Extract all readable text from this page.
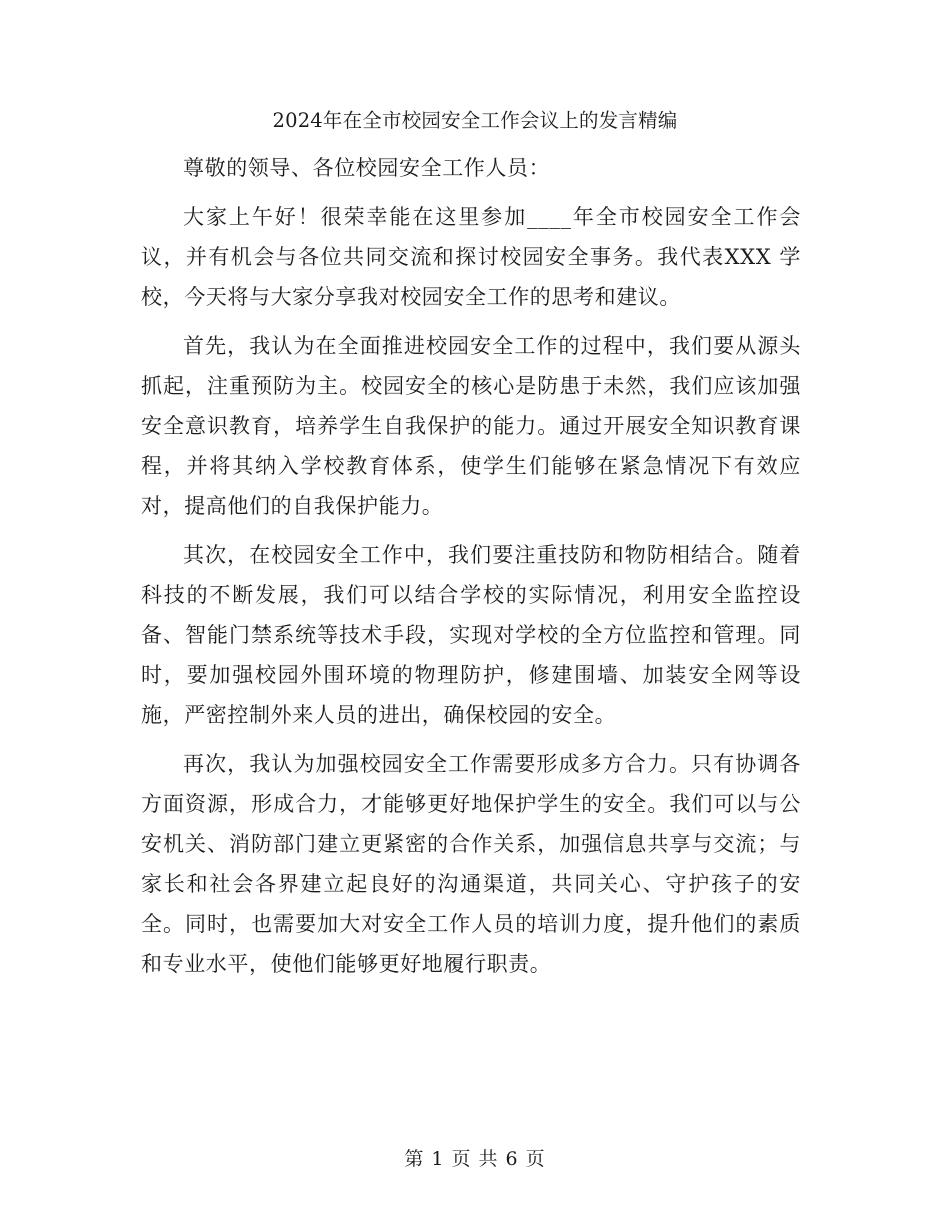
2024年在全市校园安全工作会议上的发言精编

尊敬的领导、各位校园安全工作人员：

大家上午好！很荣幸能在这里参加____年全市校园安全工作会议，并有机会与各位共同交流和探讨校园安全事务。我代表XXX 学校，今天将与大家分享我对校园安全工作的思考和建议。

首先，我认为在全面推进校园安全工作的过程中，我们要从源头抓起，注重预防为主。校园安全的核心是防患于未然，我们应该加强安全意识教育，培养学生自我保护的能力。通过开展安全知识教育课程，并将其纳入学校教育体系，使学生们能够在紧急情况下有效应对，提高他们的自我保护能力。

其次，在校园安全工作中，我们要注重技防和物防相结合。随着科技的不断发展，我们可以结合学校的实际情况，利用安全监控设备、智能门禁系统等技术手段，实现对学校的全方位监控和管理。同时，要加强校园外围环境的物理防护，修建围墙、加装安全网等设施，严密控制外来人员的进出，确保校园的安全。

再次，我认为加强校园安全工作需要形成多方合力。只有协调各方面资源，形成合力，才能够更好地保护学生的安全。我们可以与公安机关、消防部门建立更紧密的合作关系，加强信息共享与交流；与家长和社会各界建立起良好的沟通渠道，共同关心、守护孩子的安全。同时，也需要加大对安全工作人员的培训力度，提升他们的素质和专业水平，使他们能够更好地履行职责。

第 1 页 共 6 页
